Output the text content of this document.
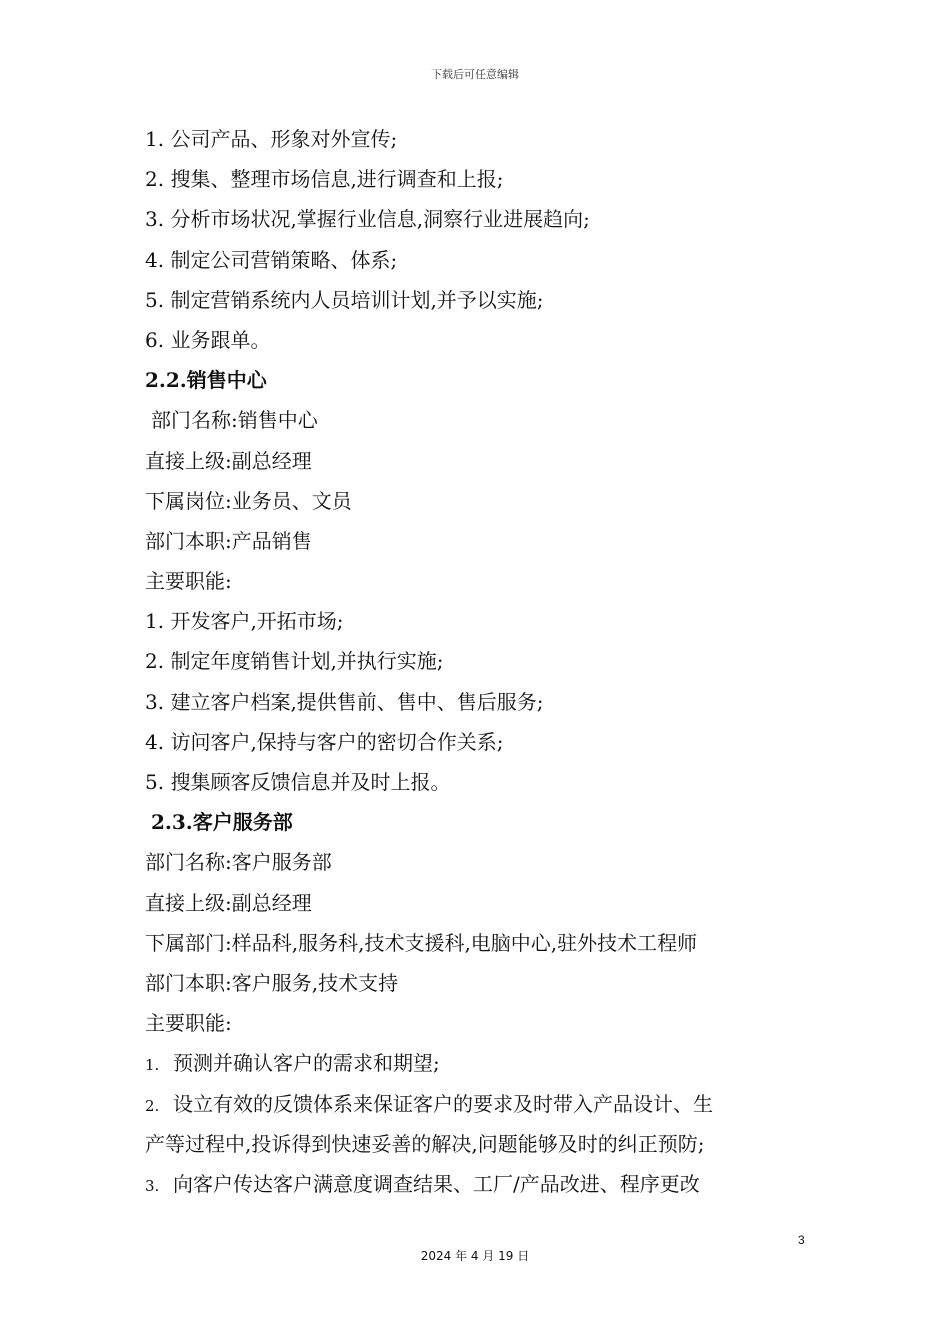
下载后可任意编辑
1. 公司产品、形象对外宣传;
2. 搜集、整理市场信息,进行调查和上报;
3. 分析市场状况,掌握行业信息,洞察行业进展趋向;
4. 制定公司营销策略、体系;
5. 制定营销系统内人员培训计划,并予以实施;
6. 业务跟单。
2.2.销售中心
部门名称:销售中心
直接上级:副总经理
下属岗位:业务员、文员
部门本职:产品销售
主要职能:
1. 开发客户,开拓市场;
2. 制定年度销售计划,并执行实施;
3. 建立客户档案,提供售前、售中、售后服务;
4. 访问客户,保持与客户的密切合作关系;
5. 搜集顾客反馈信息并及时上报。
2.3.客户服务部
部门名称:客户服务部
直接上级:副总经理
下属部门:样品科,服务科,技术支援科,电脑中心,驻外技术工程师
部门本职:客户服务,技术支持
主要职能:
1. 预测并确认客户的需求和期望;
2. 设立有效的反馈体系来保证客户的要求及时带入产品设计、生
产等过程中,投诉得到快速妥善的解决,问题能够及时的纠正预防;
3. 向客户传达客户满意度调查结果、工厂/产品改进、程序更改
3
2024 年 4 月 19 日
